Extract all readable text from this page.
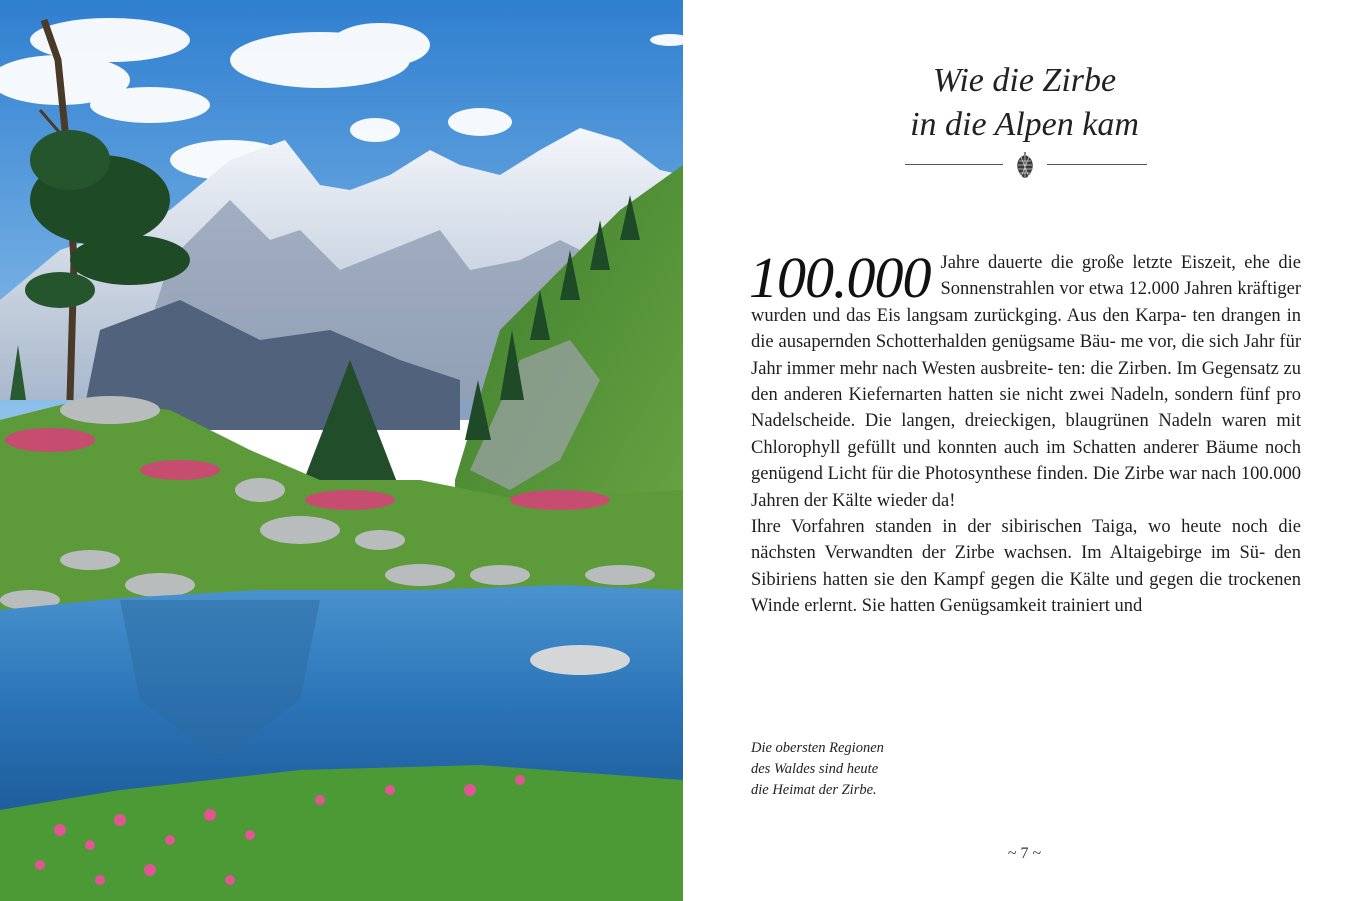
Wie die Zirbe
in die Alpen kam
100.000 Jahre dauerte die große letzte Eiszeit, ehe die Sonnenstrahlen vor etwa 12.000 Jahren kräftiger wurden und das Eis langsam zurückging. Aus den Karpa- ten drangen in die ausapernden Schotterhalden genügsame Bäu- me vor, die sich Jahr für Jahr immer mehr nach Westen ausbreite- ten: die Zirben. Im Gegensatz zu den anderen Kiefernarten hatten sie nicht zwei Nadeln, sondern fünf pro Nadelscheide. Die langen, dreieckigen, blaugrünen Nadeln waren mit Chlorophyll gefüllt und konnten auch im Schatten anderer Bäume noch genügend Licht für die Photosynthese finden. Die Zirbe war nach 100.000 Jahren der Kälte wieder da!

Ihre Vorfahren standen in der sibirischen Taiga, wo heute noch die nächsten Verwandten der Zirbe wachsen. Im Altaigebirge im Sü- den Sibiriens hatten sie den Kampf gegen die Kälte und gegen die trockenen Winde erlernt. Sie hatten Genügsamkeit trainiert und

Die obersten Regionen
des Waldes sind heute
die Heimat der Zirbe.
~ 7 ~
